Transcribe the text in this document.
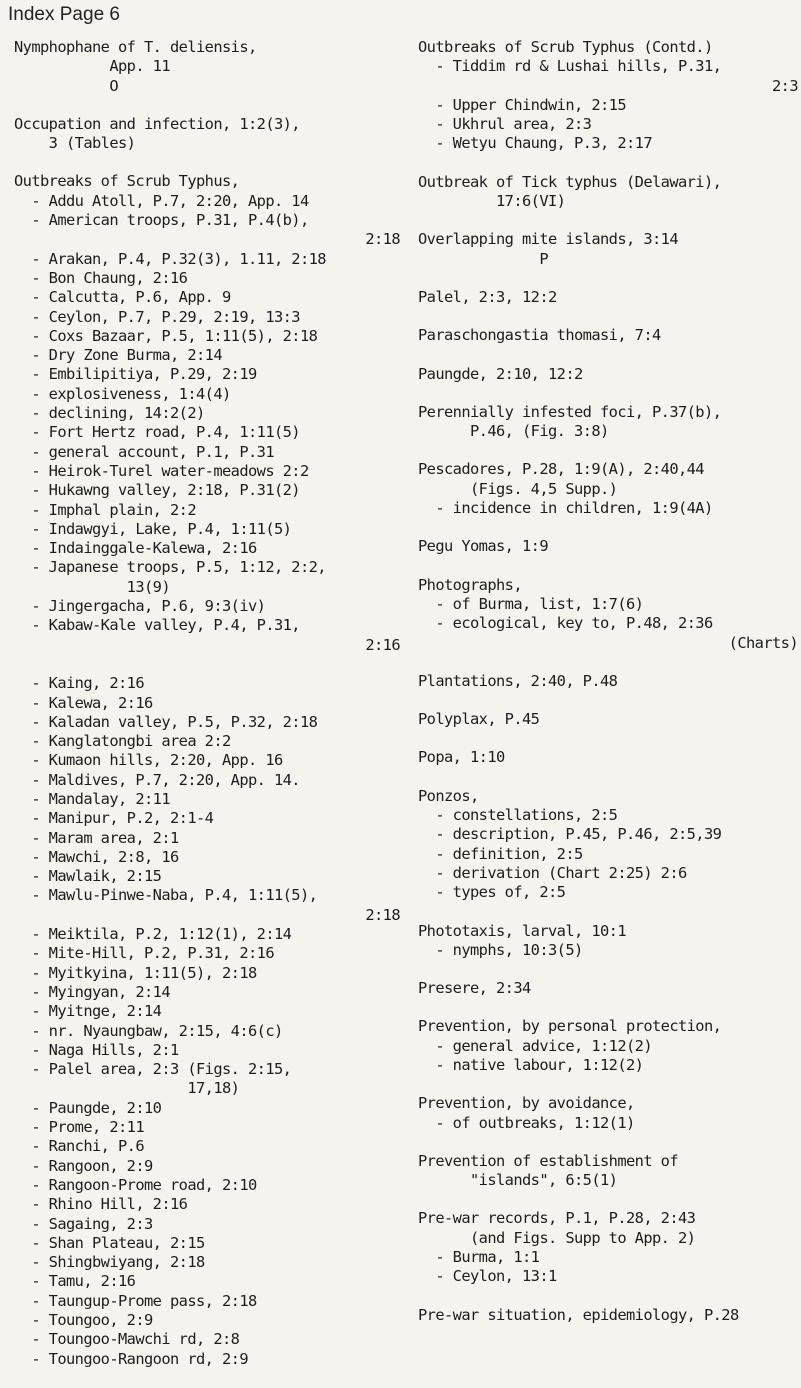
Index Page 6
Nymphophane of T. deliensis,
App. 11
O
Occupation and infection, 1:2(3),
3 (Tables)
Outbreaks of Scrub Typhus,
- Addu Atoll, P.7, 2:20, App. 14
- American troops, P.31, P.4(b),
2:18
- Arakan, P.4, P.32(3), 1.11, 2:18
- Bon Chaung, 2:16
- Calcutta, P.6, App. 9
- Ceylon, P.7, P.29, 2:19, 13:3
- Coxs Bazaar, P.5, 1:11(5), 2:18
- Dry Zone Burma, 2:14
- Embilipitiya, P.29, 2:19
- explosiveness, 1:4(4)
- declining, 14:2(2)
- Fort Hertz road, P.4, 1:11(5)
- general account, P.1, P.31
- Heirok-Turel water-meadows 2:2
- Hukawng valley, 2:18, P.31(2)
- Imphal plain, 2:2
- Indawgyi, Lake, P.4, 1:11(5)
- Indainggale-Kalewa, 2:16
- Japanese troops, P.5, 1:12, 2:2,
13(9)
- Jingergacha, P.6, 9:3(iv)
- Kabaw-Kale valley, P.4, P.31,
2:16
- Kaing, 2:16
- Kalewa, 2:16
- Kaladan valley, P.5, P.32, 2:18
- Kanglatongbi area 2:2
- Kumaon hills, 2:20, App. 16
- Maldives, P.7, 2:20, App. 14.
- Mandalay, 2:11
- Manipur, P.2, 2:1-4
- Maram area, 2:1
- Mawchi, 2:8, 16
- Mawlaik, 2:15
- Mawlu-Pinwe-Naba, P.4, 1:11(5),
2:18
- Meiktila, P.2, 1:12(1), 2:14
- Mite-Hill, P.2, P.31, 2:16
- Myitkyina, 1:11(5), 2:18
- Myingyan, 2:14
- Myitnge, 2:14
- nr. Nyaungbaw, 2:15, 4:6(c)
- Naga Hills, 2:1
- Palel area, 2:3 (Figs. 2:15,
17,18)
- Paungde, 2:10
- Prome, 2:11
- Ranchi, P.6
- Rangoon, 2:9
- Rangoon-Prome road, 2:10
- Rhino Hill, 2:16
- Sagaing, 2:3
- Shan Plateau, 2:15
- Shingbwiyang, 2:18
- Tamu, 2:16
- Taungup-Prome pass, 2:18
- Toungoo, 2:9
- Toungoo-Mawchi rd, 2:8
- Toungoo-Rangoon rd, 2:9
Outbreaks of Scrub Typhus (Contd.)
- Tiddim rd & Lushai hills, P.31,
2:3
- Upper Chindwin, 2:15
- Ukhrul area, 2:3
- Wetyu Chaung, P.3, 2:17
Outbreak of Tick typhus (Delawari),
17:6(VI)
Overlapping mite islands, 3:14
P
Palel, 2:3, 12:2
Paraschongastia thomasi, 7:4
Paungde, 2:10, 12:2
Perennially infested foci, P.37(b),
P.46, (Fig. 3:8)
Pescadores, P.28, 1:9(A), 2:40,44
(Figs. 4,5 Supp.)
- incidence in children, 1:9(4A)
Pegu Yomas, 1:9
Photographs,
- of Burma, list, 1:7(6)
- ecological, key to, P.48, 2:36
(Charts)
Plantations, 2:40, P.48
Polyplax, P.45
Popa, 1:10
Ponzos,
- constellations, 2:5
- description, P.45, P.46, 2:5,39
- definition, 2:5
- derivation (Chart 2:25) 2:6
- types of, 2:5
Phototaxis, larval, 10:1
- nymphs, 10:3(5)
Presere, 2:34
Prevention, by personal protection,
- general advice, 1:12(2)
- native labour, 1:12(2)
Prevention, by avoidance,
- of outbreaks, 1:12(1)
Prevention of establishment of
"islands", 6:5(1)
Pre-war records, P.1, P.28, 2:43
(and Figs. Supp to App. 2)
- Burma, 1:1
- Ceylon, 13:1
Pre-war situation, epidemiology, P.28
